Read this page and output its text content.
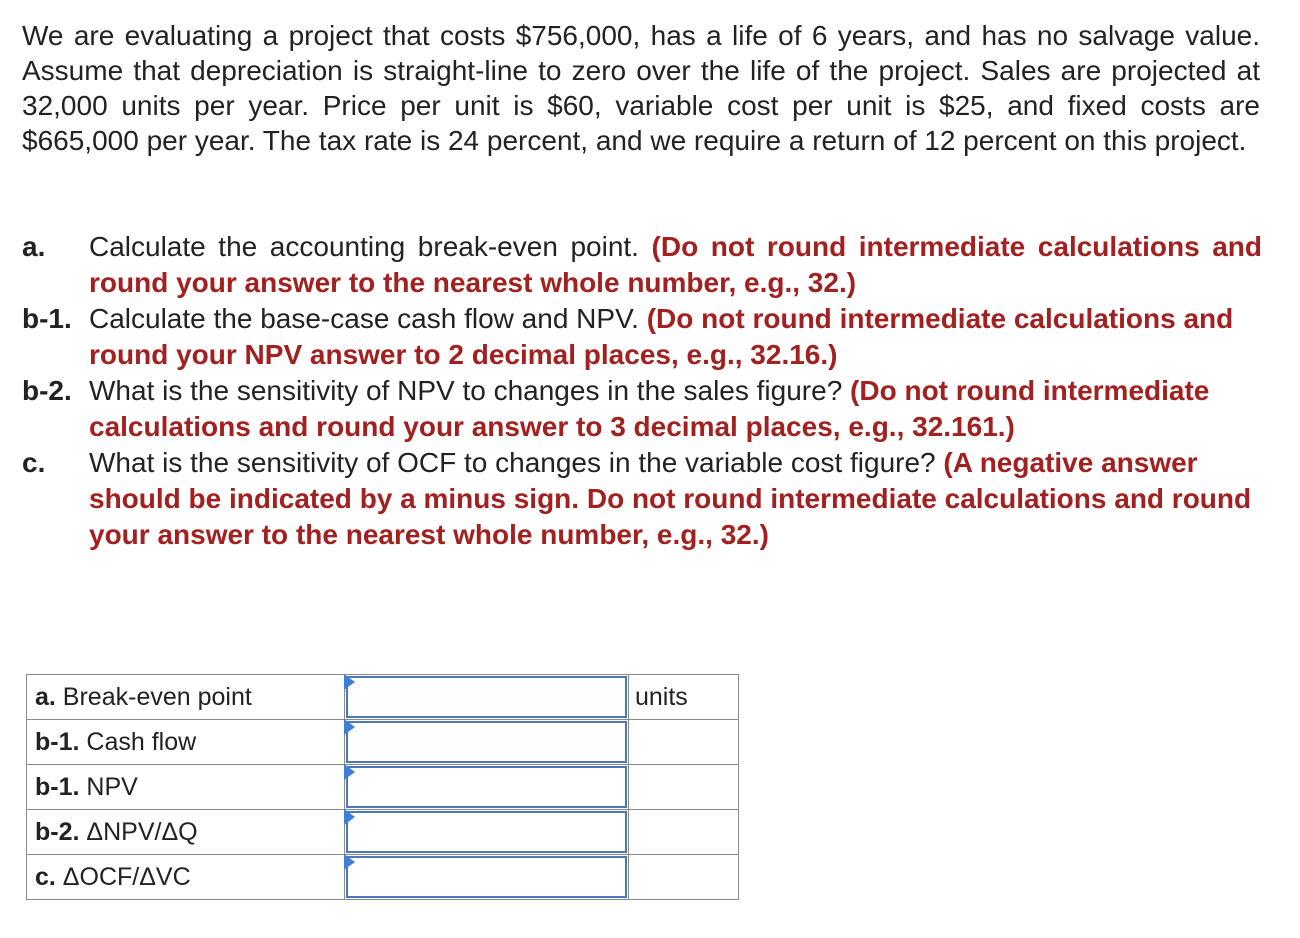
We are evaluating a project that costs $756,000, has a life of 6 years, and has no salvage value. Assume that depreciation is straight-line to zero over the life of the project. Sales are projected at 32,000 units per year. Price per unit is $60, variable cost per unit is $25, and fixed costs are $665,000 per year. The tax rate is 24 percent, and we require a return of 12 percent on this project.
a.	Calculate the accounting break-even point. (Do not round intermediate calculations and round your answer to the nearest whole number, e.g., 32.)
b-1. Calculate the base-case cash flow and NPV. (Do not round intermediate calculations and round your NPV answer to 2 decimal places, e.g., 32.16.)
b-2. What is the sensitivity of NPV to changes in the sales figure? (Do not round intermediate calculations and round your answer to 3 decimal places, e.g., 32.161.)
c.	What is the sensitivity of OCF to changes in the variable cost figure? (A negative answer should be indicated by a minus sign. Do not round intermediate calculations and round your answer to the nearest whole number, e.g., 32.)
a. Break-even point		units
b-1. Cash flow	

b-1. NPV	

b-2. ΔNPV/ΔQ	

c. ΔOCF/ΔVC	
